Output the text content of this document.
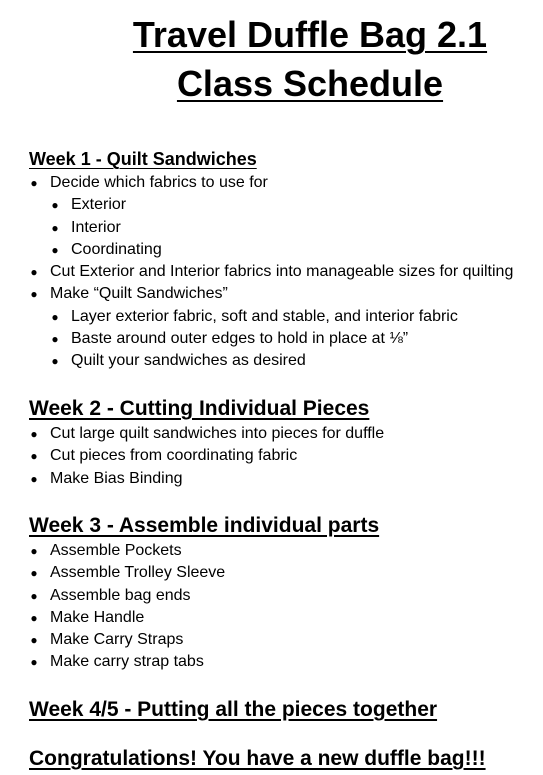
Travel Duffle Bag 2.1
Class Schedule
Week 1 - Quilt Sandwiches
● Decide which fabrics to use for
● Exterior
● Interior
● Coordinating
● Cut Exterior and Interior fabrics into manageable sizes for quilting
● Make “Quilt Sandwiches”
● Layer exterior fabric, soft and stable, and interior fabric
● Baste around outer edges to hold in place at ⅛”
● Quilt your sandwiches as desired
Week 2 - Cutting Individual Pieces
● Cut large quilt sandwiches into pieces for duffle
● Cut pieces from coordinating fabric
● Make Bias Binding
Week 3 - Assemble individual parts
● Assemble Pockets
● Assemble Trolley Sleeve
● Assemble bag ends
● Make Handle
● Make Carry Straps
● Make carry strap tabs
Week 4/5 - Putting all the pieces together
Congratulations! You have a new duffle bag!!!
